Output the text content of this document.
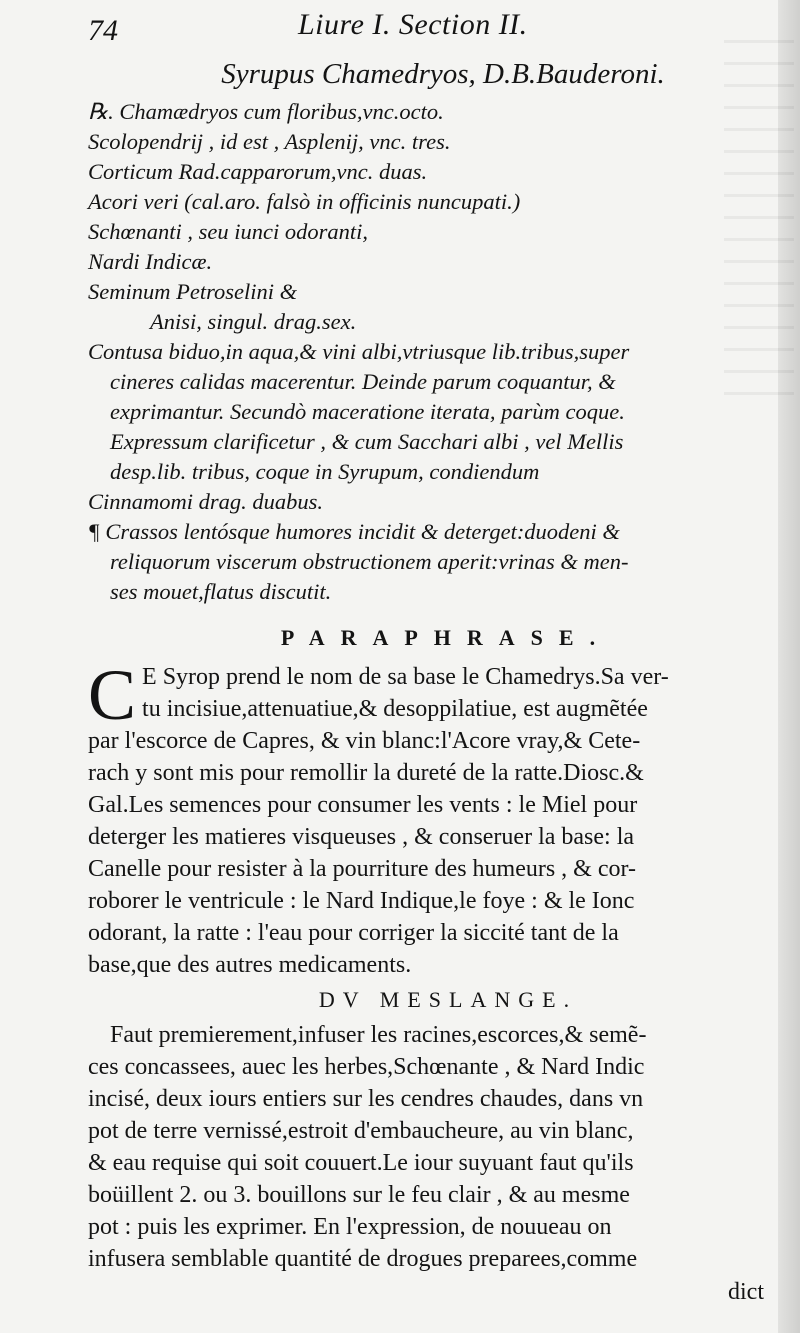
74	Liure I. Section II.
Syrupus Chamedryos, D.B.Bauderoni.
℞. Chamædryos cum floribus,vnc.octo.
Scolopendrij , id est , Asplenij, vnc. tres.
Corticum Rad.capparorum,vnc. duas.
Acori veri (cal.aro. falsò in officinis nuncupati.)
Schœnanti , seu iunci odoranti,
Nardi Indicæ.
Seminum Petroselini &
Anisi, singul. drag.sex.
Contusa biduo,in aqua,& vini albi,vtriusque lib.tribus,super
cineres calidas macerentur. Deinde parum coquantur, &
exprimantur. Secundò maceratione iterata, parùm coque.
Expressum clarificetur , & cum Sacchari albi , vel Mellis
desp.lib. tribus, coque in Syrupum, condiendum
Cinnamomi drag. duabus.
¶ Crassos lentósque humores incidit & deterget:duodeni &
reliquorum viscerum obstructionem aperit:vrinas & men-
ses mouet,flatus discutit.
PARAPHRASE.
C E Syrop prend le nom de sa base le Chamedrys.Sa ver-
tu incisiue,attenuatiue,& desoppilatiue, est augmẽtée
par l'escorce de Capres, & vin blanc:l'Acore vray,& Cete-
rach y sont mis pour remollir la dureté de la ratte.Diosc.&
Gal.Les semences pour consumer les vents : le Miel pour
deterger les matieres visqueuses , & conseruer la base: la
Canelle pour resister à la pourriture des humeurs , & cor-
roborer le ventricule : le Nard Indique,le foye : & le Ionc
odorant, la ratte : l'eau pour corriger la siccité tant de la
base,que des autres medicaments.
DV MESLANGE.
Faut premierement,infuser les racines,escorces,& semẽ-
ces concassees, auec les herbes,Schœnante , & Nard Indic
incisé, deux iours entiers sur les cendres chaudes, dans vn
pot de terre vernissé,estroit d'embaucheure, au vin blanc,
& eau requise qui soit couuert.Le iour suyuant faut qu'ils
boüillent 2. ou 3. bouillons sur le feu clair , & au mesme
pot : puis les exprimer. En l'expression, de nouueau on
infusera semblable quantité de drogues preparees,comme
dict
